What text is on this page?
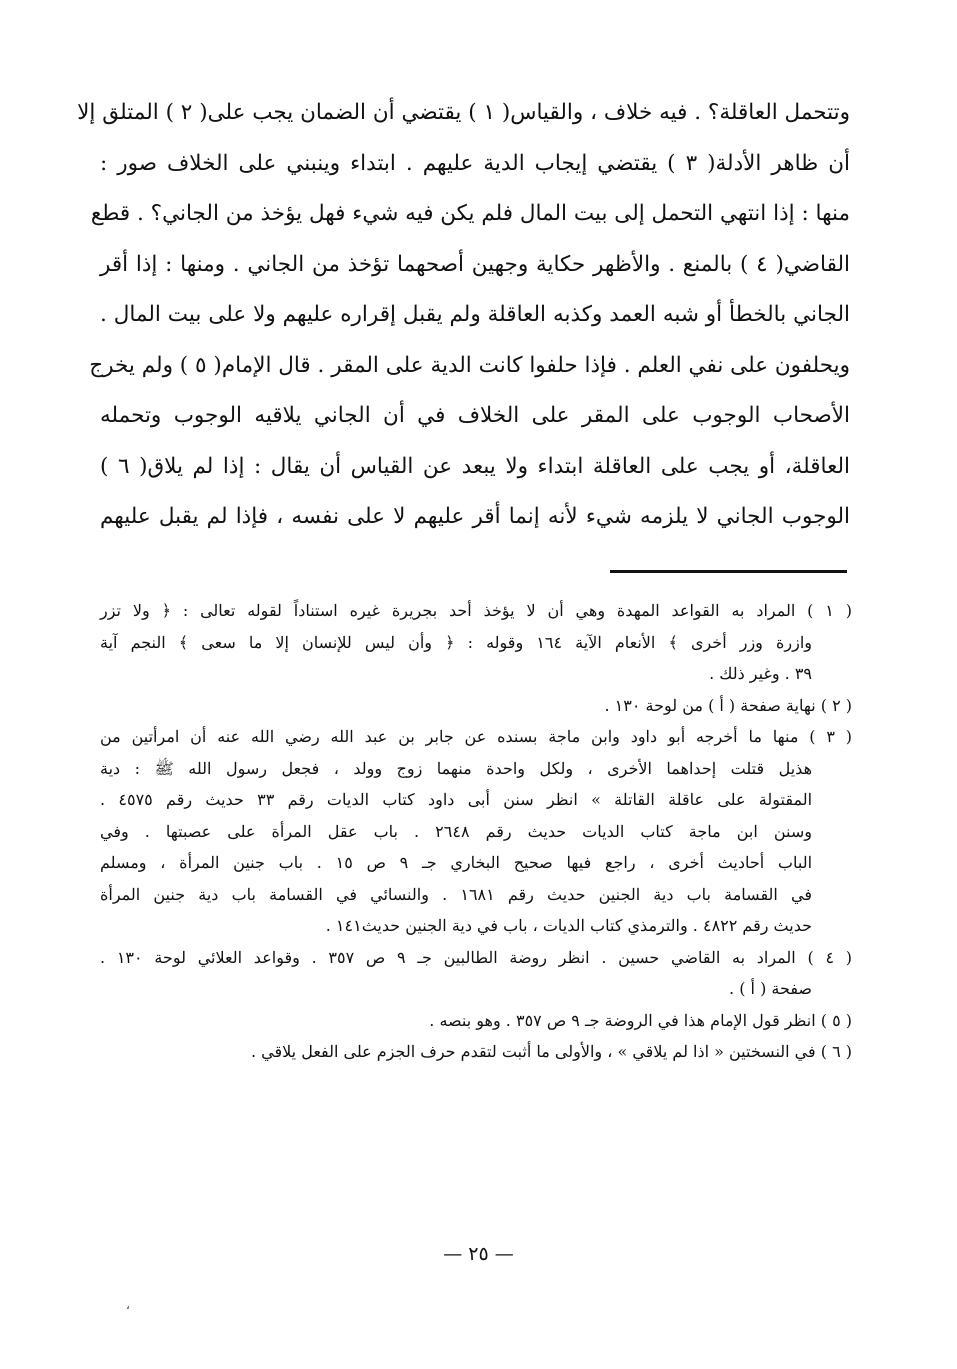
وتتحمل العاقلة؟ . فيه خلاف ، والقياس( ١ ) يقتضي أن الضمان يجب على( ٢ ) المتلق إلا
أن ظاهر الأدلة( ٣ ) يقتضي إيجاب الدية عليهم . ابتداء وينبني على الخلاف صور :
منها : إذا انتهي التحمل إلى بيت المال فلم يكن فيه شيء فهل يؤخذ من الجاني؟ . قطع
القاضي( ٤ ) بالمنع . والأظهر حكاية وجهين أصحهما تؤخذ من الجاني . ومنها : إذا أقر
الجاني بالخطأ أو شبه العمد وكذبه العاقلة ولم يقبل إقراره عليهم ولا على بيت المال .
ويحلفون على نفي العلم . فإذا حلفوا كانت الدية على المقر . قال الإمام( ٥ ) ولم يخرج
الأصحاب الوجوب على المقر على الخلاف في أن الجاني يلاقيه الوجوب وتحمله
العاقلة، أو يجب على العاقلة ابتداء ولا يبعد عن القياس أن يقال : إذا لم يلاق( ٦ )
الوجوب الجاني لا يلزمه شيء لأنه إنما أقر عليهم لا على نفسه ، فإذا لم يقبل عليهم
( ١ ) المراد به القواعد المهدة وهي أن لا يؤخذ أحد بجريرة غيره استناداً لقوله تعالى : ﴿ ولا تزر
وازرة وزر أخرى ﴾ الأنعام الآية ١٦٤ وقوله : ﴿ وأن ليس للإنسان إلا ما سعى ﴾ النجم آية
٣٩ . وغير ذلك .
( ٢ ) نهاية صفحة ( أ ) من لوحة ١٣٠ .
( ٣ ) منها ما أخرجه أبو داود وابن ماجة بسنده عن جابر بن عبد الله رضي الله عنه أن امرأتين من
هذيل قتلت إحداهما الأخرى ، ولكل واحدة منهما زوج وولد ، فجعل رسول الله ﷺ : دية
المقتولة على عاقلة القاتلة » انظر سنن أبى داود كتاب الديات رقم ٣٣ حديث رقم ٤٥٧٥ .
وسنن ابن ماجة كتاب الديات حديث رقم ٢٦٤٨ . باب عقل المرأة على عصبتها . وفي
الباب أحاديث أخرى ، راجع فيها صحيح البخاري جـ ٩ ص ١٥ . باب جنين المرأة ، ومسلم
في القسامة باب دية الجنين حديث رقم ١٦٨١ . والنسائي في القسامة باب دية جنين المرأة
حديث رقم ٤٨٢٢ . والترمذي كتاب الديات ، باب في دية الجنين حديث١٤١ .
( ٤ ) المراد به القاضي حسين . انظر روضة الطالبين جـ ٩ ص ٣٥٧ . وقواعد العلائي لوحة ١٣٠ .
صفحة ( أ ) .
( ٥ ) انظر قول الإمام هذا في الروضة جـ ٩ ص ٣٥٧ . وهو بنصه .
( ٦ ) في النسختين « اذا لم يلاقي » ، والأولى ما أثبت لتقدم حرف الجزم على الفعل يلاقي .
— ٢٥ —
،
